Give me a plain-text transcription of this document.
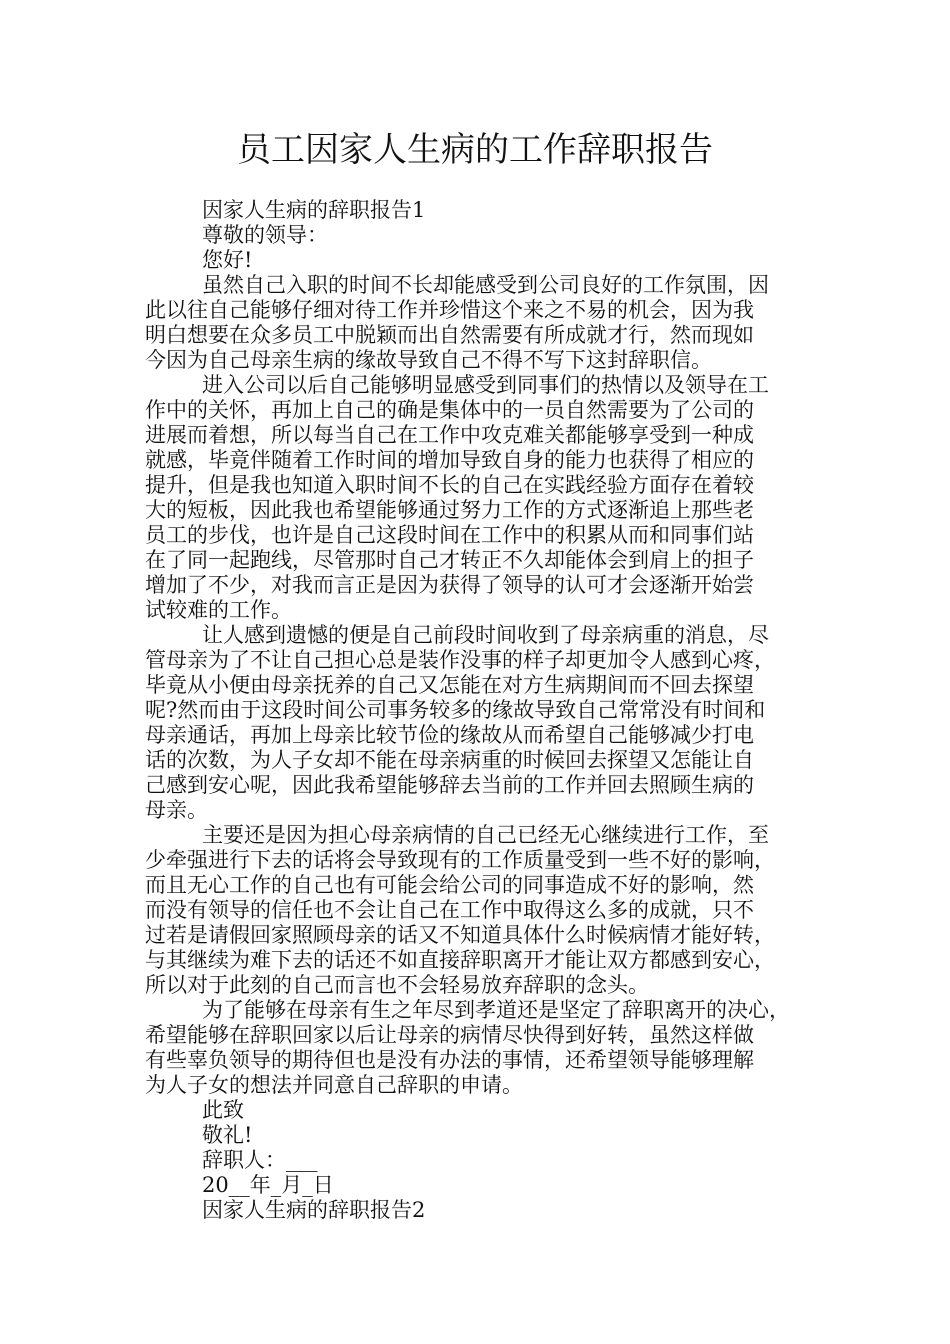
员工因家人生病的工作辞职报告
因家人生病的辞职报告1
尊敬的领导：
您好!
虽然自己入职的时间不长却能感受到公司良好的工作氛围，因
此以往自己能够仔细对待工作并珍惜这个来之不易的机会，因为我
明白想要在众多员工中脱颖而出自然需要有所成就才行，然而现如
今因为自己母亲生病的缘故导致自己不得不写下这封辞职信。
进入公司以后自己能够明显感受到同事们的热情以及领导在工
作中的关怀，再加上自己的确是集体中的一员自然需要为了公司的
进展而着想，所以每当自己在工作中攻克难关都能够享受到一种成
就感，毕竟伴随着工作时间的增加导致自身的能力也获得了相应的
提升，但是我也知道入职时间不长的自己在实践经验方面存在着较
大的短板，因此我也希望能够通过努力工作的方式逐渐追上那些老
员工的步伐，也许是自己这段时间在工作中的积累从而和同事们站
在了同一起跑线，尽管那时自己才转正不久却能体会到肩上的担子
增加了不少，对我而言正是因为获得了领导的认可才会逐渐开始尝
试较难的工作。
让人感到遗憾的便是自己前段时间收到了母亲病重的消息，尽
管母亲为了不让自己担心总是装作没事的样子却更加令人感到心疼，
毕竟从小便由母亲抚养的自己又怎能在对方生病期间而不回去探望
呢?然而由于这段时间公司事务较多的缘故导致自己常常没有时间和
母亲通话，再加上母亲比较节俭的缘故从而希望自己能够减少打电
话的次数，为人子女却不能在母亲病重的时候回去探望又怎能让自
己感到安心呢，因此我希望能够辞去当前的工作并回去照顾生病的
母亲。
主要还是因为担心母亲病情的自己已经无心继续进行工作，至
少牵强进行下去的话将会导致现有的工作质量受到一些不好的影响，
而且无心工作的自己也有可能会给公司的同事造成不好的影响，然
而没有领导的信任也不会让自己在工作中取得这么多的成就，只不
过若是请假回家照顾母亲的话又不知道具体什么时候病情才能好转，
与其继续为难下去的话还不如直接辞职离开才能让双方都感到安心，
所以对于此刻的自己而言也不会轻易放弃辞职的念头。
为了能够在母亲有生之年尽到孝道还是坚定了辞职离开的决心，
希望能够在辞职回家以后让母亲的病情尽快得到好转，虽然这样做
有些辜负领导的期待但也是没有办法的事情，还希望领导能够理解
为人子女的想法并同意自己辞职的申请。
此致
敬礼!
辞职人：___
20__年_月_日
因家人生病的辞职报告2
